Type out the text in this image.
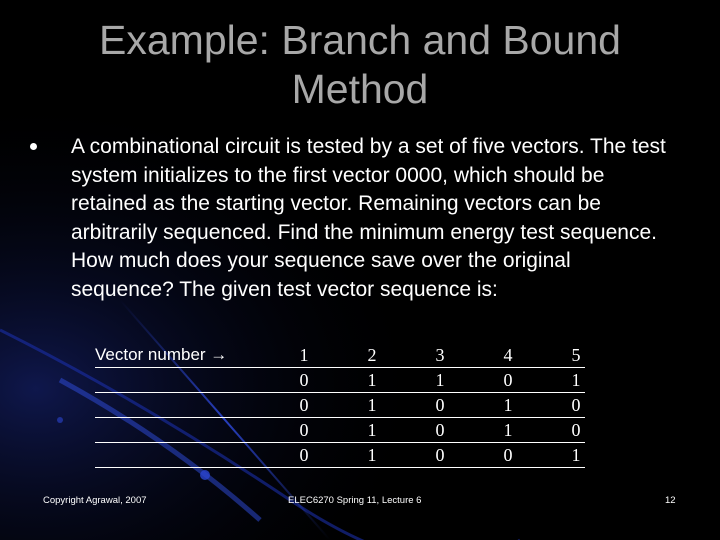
Example: Branch and Bound
Method
A combinational circuit is tested by a set of five vectors. The test system initializes to the first vector 0000, which should be retained as the starting vector. Remaining vectors can be arbitrarily sequenced. Find the minimum energy test sequence. How much does your sequence save over the original sequence? The given test vector sequence is:
Vector number →		1		2		3		4		5
		0		1		1		0		1
		0		1		0		1		0
		0		1		0		1		0
		0		1		0		0		1
Copyright Agrawal, 2007	ELEC6270 Spring 11, Lecture 6	12
